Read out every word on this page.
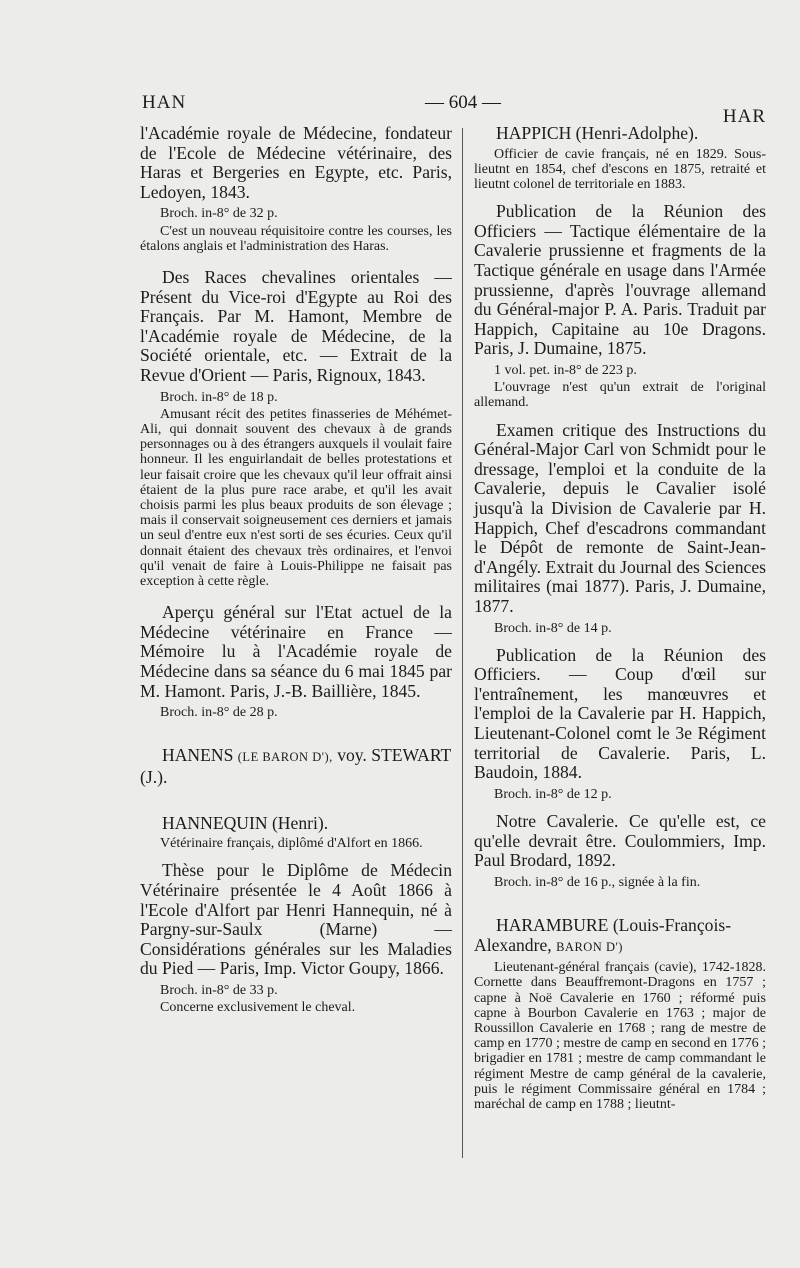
HAN	— 604 —
HAR

l'Académie royale de Médecine, fondateur de l'Ecole de Médecine vétérinaire, des Haras et Bergeries en Egypte, etc. Paris, Ledoyen, 1843.

Broch. in-8° de 32 p.

C'est un nouveau réquisitoire contre les courses, les étalons anglais et l'administration des Haras.

Des Races chevalines orientales — Présent du Vice-roi d'Egypte au Roi des Français. Par M. Hamont, Membre de l'Académie royale de Médecine, de la Société orientale, etc. — Extrait de la Revue d'Orient — Paris, Rignoux, 1843.

Broch. in-8° de 18 p.

Amusant récit des petites finasseries de Méhémet-Ali, qui donnait souvent des chevaux à de grands personnages ou à des étrangers auxquels il voulait faire honneur. Il les enguirlandait de belles protestations et leur faisait croire que les chevaux qu'il leur offrait ainsi étaient de la plus pure race arabe, et qu'il les avait choisis parmi les plus beaux produits de son élevage ; mais il conservait soigneusement ces derniers et jamais un seul d'entre eux n'est sorti de ses écuries. Ceux qu'il donnait étaient des chevaux très ordinaires, et l'envoi qu'il venait de faire à Louis-Philippe ne faisait pas exception à cette règle.

Aperçu général sur l'Etat actuel de la Médecine vétérinaire en France — Mémoire lu à l'Académie royale de Médecine dans sa séance du 6 mai 1845 par M. Hamont. Paris, J.-B. Baillière, 1845.

Broch. in-8° de 28 p.

HANENS (LE BARON D'), voy. STEWART (J.).

HANNEQUIN (Henri).

Vétérinaire français, diplômé d'Alfort en 1866.

Thèse pour le Diplôme de Médecin Vétérinaire présentée le 4 Août 1866 à l'Ecole d'Alfort par Henri Hannequin, né à Pargny-sur-Saulx (Marne) — Considérations générales sur les Maladies du Pied — Paris, Imp. Victor Goupy, 1866.

Broch. in-8° de 33 p.

Concerne exclusivement le cheval.

HAPPICH (Henri-Adolphe).

Officier de cavie français, né en 1829. Sous-lieutnt en 1854, chef d'escons en 1875, retraité et lieutnt colonel de territoriale en 1883.

Publication de la Réunion des Officiers — Tactique élémentaire de la Cavalerie prussienne et fragments de la Tactique générale en usage dans l'Armée prussienne, d'après l'ouvrage allemand du Général-major P. A. Paris. Traduit par Happich, Capitaine au 10e Dragons. Paris, J. Dumaine, 1875.

1 vol. pet. in-8° de 223 p.

L'ouvrage n'est qu'un extrait de l'original allemand.

Examen critique des Instructions du Général-Major Carl von Schmidt pour le dressage, l'emploi et la conduite de la Cavalerie, depuis le Cavalier isolé jusqu'à la Division de Cavalerie par H. Happich, Chef d'escadrons commandant le Dépôt de remonte de Saint-Jean-d'Angély. Extrait du Journal des Sciences militaires (mai 1877). Paris, J. Dumaine, 1877.

Broch. in-8° de 14 p.

Publication de la Réunion des Officiers. — Coup d'œil sur l'entraînement, les manœuvres et l'emploi de la Cavalerie par H. Happich, Lieutenant-Colonel comt le 3e Régiment territorial de Cavalerie. Paris, L. Baudoin, 1884.

Broch. in-8° de 12 p.

Notre Cavalerie. Ce qu'elle est, ce qu'elle devrait être. Coulommiers, Imp. Paul Brodard, 1892.

Broch. in-8° de 16 p., signée à la fin.

HARAMBURE (Louis-François-Alexandre, BARON D')

Lieutenant-général français (cavie), 1742-1828. Cornette dans Beauffremont-Dragons en 1757 ; capne à Noë Cavalerie en 1760 ; réformé puis capne à Bourbon Cavalerie en 1763 ; major de Roussillon Cavalerie en 1768 ; rang de mestre de camp en 1770 ; mestre de camp en second en 1776 ; brigadier en 1781 ; mestre de camp commandant le régiment Mestre de camp général de la cavalerie, puis le régiment Commissaire général en 1784 ; maréchal de camp en 1788 ; lieutnt-
